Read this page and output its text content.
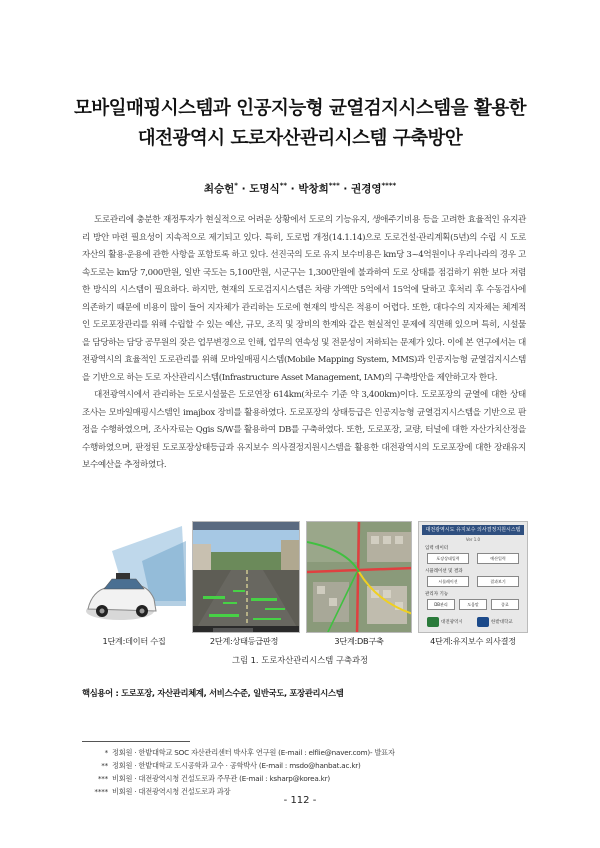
모바일매핑시스템과 인공지능형 균열검지시스템을 활용한
대전광역시 도로자산관리시스템 구축방안
최승헌* · 도명식** · 박창희*** · 권경영****

도로관리에 충분한 재정투자가 현실적으로 어려운 상황에서 도로의 기능유지, 생애주기비용 등을 고려한 효율적인 유지관리 방안 마련 필요성이 지속적으로 제기되고 있다. 특히, 도로법 개정(14.1.14)으로 도로건설·관리계획(5년)의 수립 시 도로 자산의 활용·운용에 관한 사항을 포함토록 하고 있다. 선진국의 도로 유지 보수비용은 km당 3~4억원이나 우리나라의 경우 고속도로는 km당 7,000만원, 일반 국도는 5,100만원, 시군구는 1,300만원에 불과하여 도로 상태를 점검하기 위한 보다 저렴한 방식의 시스템이 필요하다. 하지만, 현재의 도로검지시스템은 차량 가액만 5억에서 15억에 달하고 후처리 후 수동검사에 의존하기 때문에 비용이 많이 들어 지자체가 관리하는 도로에 현재의 방식은 적용이 어렵다. 또한, 대다수의 지자체는 체계적인 도로포장관리를 위해 수립할 수 있는 예산, 규모, 조직 및 장비의 한계와 같은 현실적인 문제에 직면해 있으며 특히, 시설물을 담당하는 담당 공무원의 잦은 업무변경으로 인해, 업무의 연속성 및 전문성이 저하되는 문제가 있다. 이에 본 연구에서는 대전광역시의 효율적인 도로관리를 위해 모바일매핑시스템(Mobile Mapping System, MMS)과 인공지능형 균열검지시스템을 기반으로 하는 도로 자산관리시스템(Infrastructure Asset Management, IAM)의 구축방안을 제안하고자 한다.

대전광역시에서 관리하는 도로시설물은 도로연장 614km(차로수 기준 약 3,400km)이다. 도로포장의 균열에 대한 상태 조사는 모바일매핑시스템인 imajbox 장비를 활용하였다. 도로포장의 상태등급은 인공지능형 균열검지시스템을 기반으로 판정을 수행하였으며, 조사자료는 Qgis S/W를 활용하여 DB를 구축하였다. 또한, 도로포장, 교량, 터널에 대한 자산가치산정을 수행하였으며, 판정된 도로포장상태등급과 유지보수 의사결정지원시스템을 활용한 대전광역시의 도로포장에 대한 장래유지보수예산을 추정하였다.

대전광역시도 유지보수 의사결정지원시스템
Ver 1.0
입력 데이터
포장상태입력	예산입력
시뮬레이션 및 결과
시뮬레이션	결과보기
관리자 기능
DB관리	도움말	종료
대전광역시	한밭대학교
1단계:데이터 수집	2단계:상태등급판정	3단계:DB구축	4단계:유지보수 의사결정
그림 1. 도로자산관리시스템 구축과정
핵심용어 : 도로포장, 자산관리체계, 서비스수준, 일반국도, 포장관리시스템
* 정회원 · 한밭대학교 SOC 자산관리센터 박사후 연구원 (E-mail : elflie@naver.com)- 발표자
** 정회원 · 한밭대학교 도시공학과 교수 · 공학박사 (E-mail : msdo@hanbat.ac.kr)
*** 비회원 · 대전광역시청 건설도로과 주무관 (E-mail : ksharp@korea.kr)
**** 비회원 · 대전광역시청 건설도로과 과장
- 112 -
